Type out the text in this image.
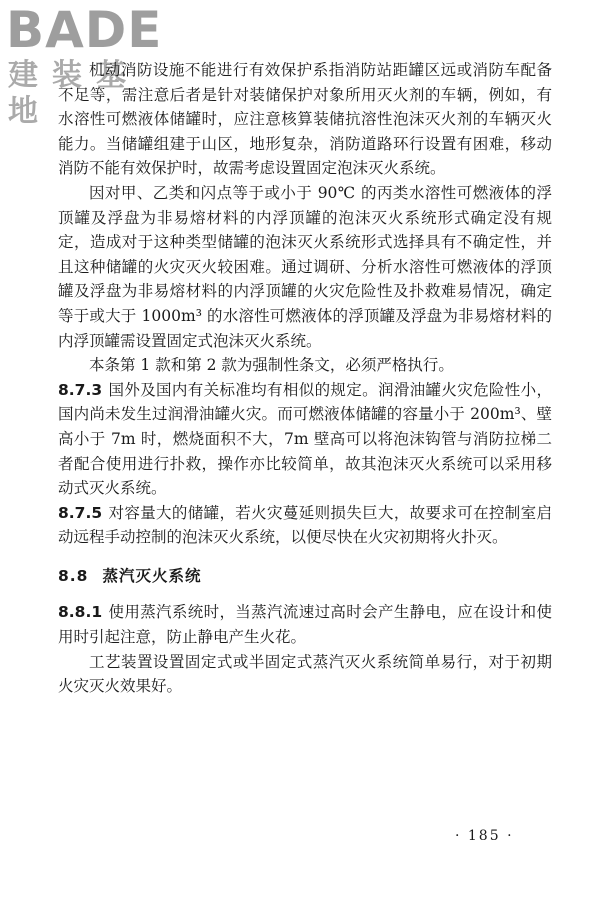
BADE
建装基地

机动消防设施不能进行有效保护系指消防站距罐区远或消防车配备不足等，需注意后者是针对装储保护对象所用灭火剂的车辆，例如，有水溶性可燃液体储罐时，应注意核算装储抗溶性泡沫灭火剂的车辆灭火能力。当储罐组建于山区，地形复杂，消防道路环行设置有困难，移动消防不能有效保护时，故需考虑设置固定泡沫灭火系统。

因对甲、乙类和闪点等于或小于 90℃ 的丙类水溶性可燃液体的浮顶罐及浮盘为非易熔材料的内浮顶罐的泡沫灭火系统形式确定没有规定，造成对于这种类型储罐的泡沫灭火系统形式选择具有不确定性，并且这种储罐的火灾灭火较困难。通过调研、分析水溶性可燃液体的浮顶罐及浮盘为非易熔材料的内浮顶罐的火灾危险性及扑救难易情况，确定等于或大于 1000m³ 的水溶性可燃液体的浮顶罐及浮盘为非易熔材料的内浮顶罐需设置固定式泡沫灭火系统。

本条第 1 款和第 2 款为强制性条文，必须严格执行。

8.7.3 国外及国内有关标准均有相似的规定。润滑油罐火灾危险性小，国内尚未发生过润滑油罐火灾。而可燃液体储罐的容量小于 200m³、壁高小于 7m 时，燃烧面积不大，7m 壁高可以将泡沫钩管与消防拉梯二者配合使用进行扑救，操作亦比较简单，故其泡沫灭火系统可以采用移动式灭火系统。

8.7.5 对容量大的储罐，若火灾蔓延则损失巨大，故要求可在控制室启动远程手动控制的泡沫灭火系统，以便尽快在火灾初期将火扑灭。

8.8 蒸汽灭火系统

8.8.1 使用蒸汽系统时，当蒸汽流速过高时会产生静电，应在设计和使用时引起注意，防止静电产生火花。

工艺装置设置固定式或半固定式蒸汽灭火系统简单易行，对于初期火灾灭火效果好。

· 185 ·
